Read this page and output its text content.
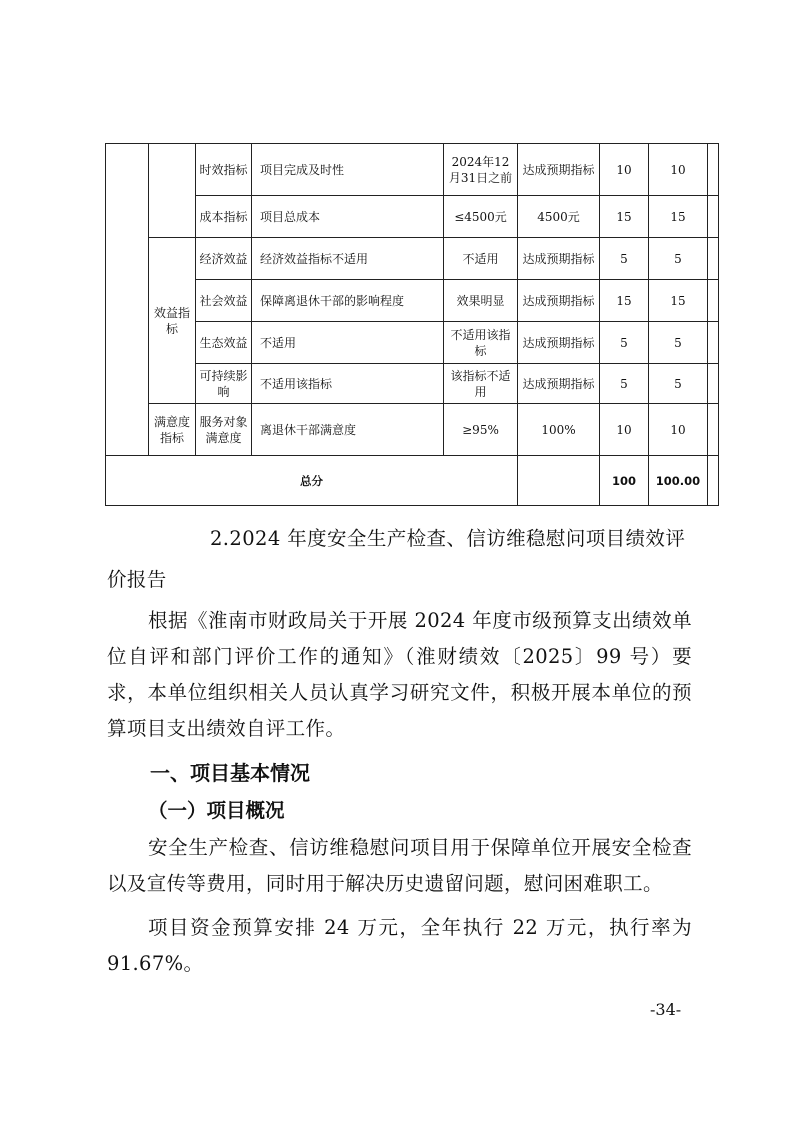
		时效指标	项目完成及时性	2024年12月31日之前	达成预期指标	10	10	
		成本指标	项目总成本	≤4500元	4500元	15	15	
	效益指标	经济效益	经济效益指标不适用	不适用	达成预期指标	5	5	
		社会效益	保障离退休干部的影响程度	效果明显	达成预期指标	15	15	
		生态效益	不适用	不适用该指标	达成预期指标	5	5	
		可持续影响	不适用该指标	该指标不适用	达成预期指标	5	5	
	满意度指标	服务对象满意度	离退休干部满意度	≥95%	100%	10	10	
总分						100	100.00	

2.2024 年度安全生产检查、信访维稳慰问项目绩效评

价报告

根据《淮南市财政局关于开展 2024 年度市级预算支出绩效单位自评和部门评价工作的通知》（淮财绩效〔2025〕99 号）要求，本单位组织相关人员认真学习研究文件，积极开展本单位的预算项目支出绩效自评工作。

一、项目基本情况

（一）项目概况

安全生产检查、信访维稳慰问项目用于保障单位开展安全检查以及宣传等费用，同时用于解决历史遗留问题，慰问困难职工。

项目资金预算安排 24 万元，全年执行 22 万元，执行率为 91.67%。

-34-
